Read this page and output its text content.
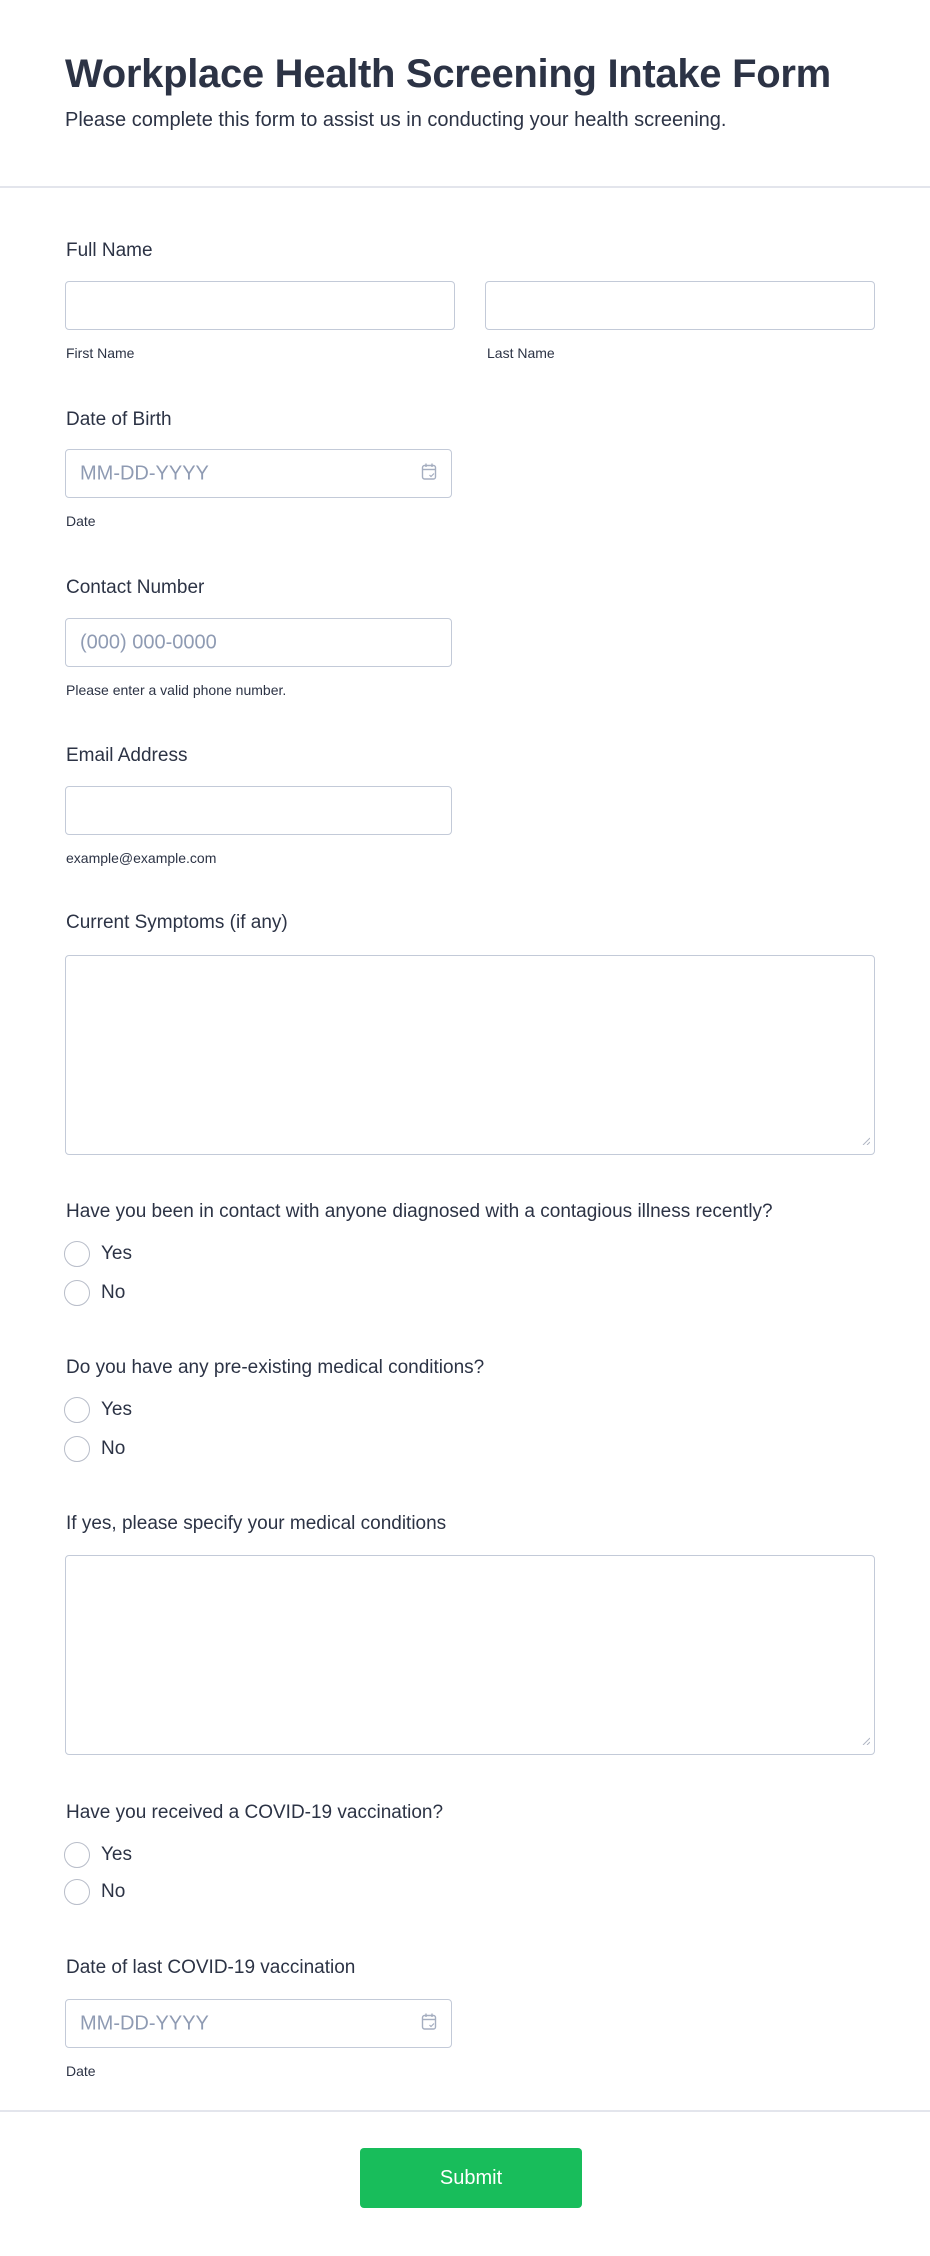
Workplace Health Screening Intake Form
Please complete this form to assist us in conducting your health screening.
Full Name
First Name	Last Name
Date of Birth
MM-DD-YYYY
Date
Contact Number
(000) 000-0000
Please enter a valid phone number.
Email Address
example@example.com
Current Symptoms (if any)
Have you been in contact with anyone diagnosed with a contagious illness recently?
Yes
No
Do you have any pre-existing medical conditions?
Yes
No
If yes, please specify your medical conditions
Have you received a COVID-19 vaccination?
Yes
No
Date of last COVID-19 vaccination
MM-DD-YYYY
Date
Submit
